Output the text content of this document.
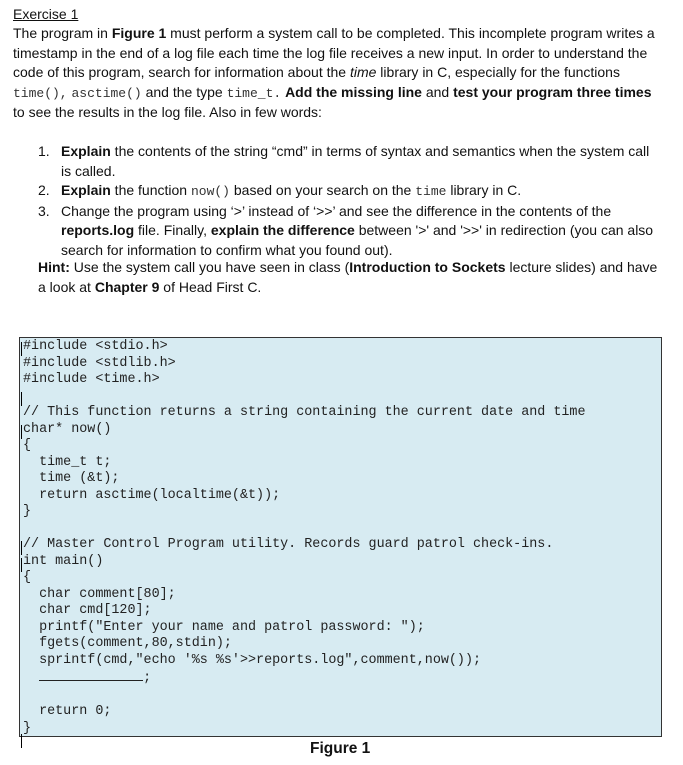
Exercise 1
The program in Figure 1 must perform a system call to be completed. This incomplete program writes a timestamp in the end of a log file each time the log file receives a new input. In order to understand the code of this program, search for information about the time library in C, especially for the functions time(), asctime() and the type time_t. Add the missing line and test your program three times to see the results in the log file. Also in few words:
1. Explain the contents of the string “cmd” in terms of syntax and semantics when the system call is called.
2. Explain the function now() based on your search on the time library in C.
3. Change the program using ‘>’ instead of ‘>>’ and see the difference in the contents of the reports.log file. Finally, explain the difference between '>' and '>>' in redirection (you can also search for information to confirm what you found out).
Hint: Use the system call you have seen in class (Introduction to Sockets lecture slides) and have a look at Chapter 9 of Head First C.
#include <stdio.h>
#include <stdlib.h>
#include <time.h>

// This function returns a string containing the current date and time
char* now()
{
time_t t;
time (&t);
return asctime(localtime(&t));
}

// Master Control Program utility. Records guard patrol check-ins.
int main()
{
char comment[80];
char cmd[120];
printf("Enter your name and patrol password: ");
fgets(comment,80,stdin);
sprintf(cmd,"echo '%s %s'>>reports.log",comment,now());
;

return 0;
}
Figure 1
